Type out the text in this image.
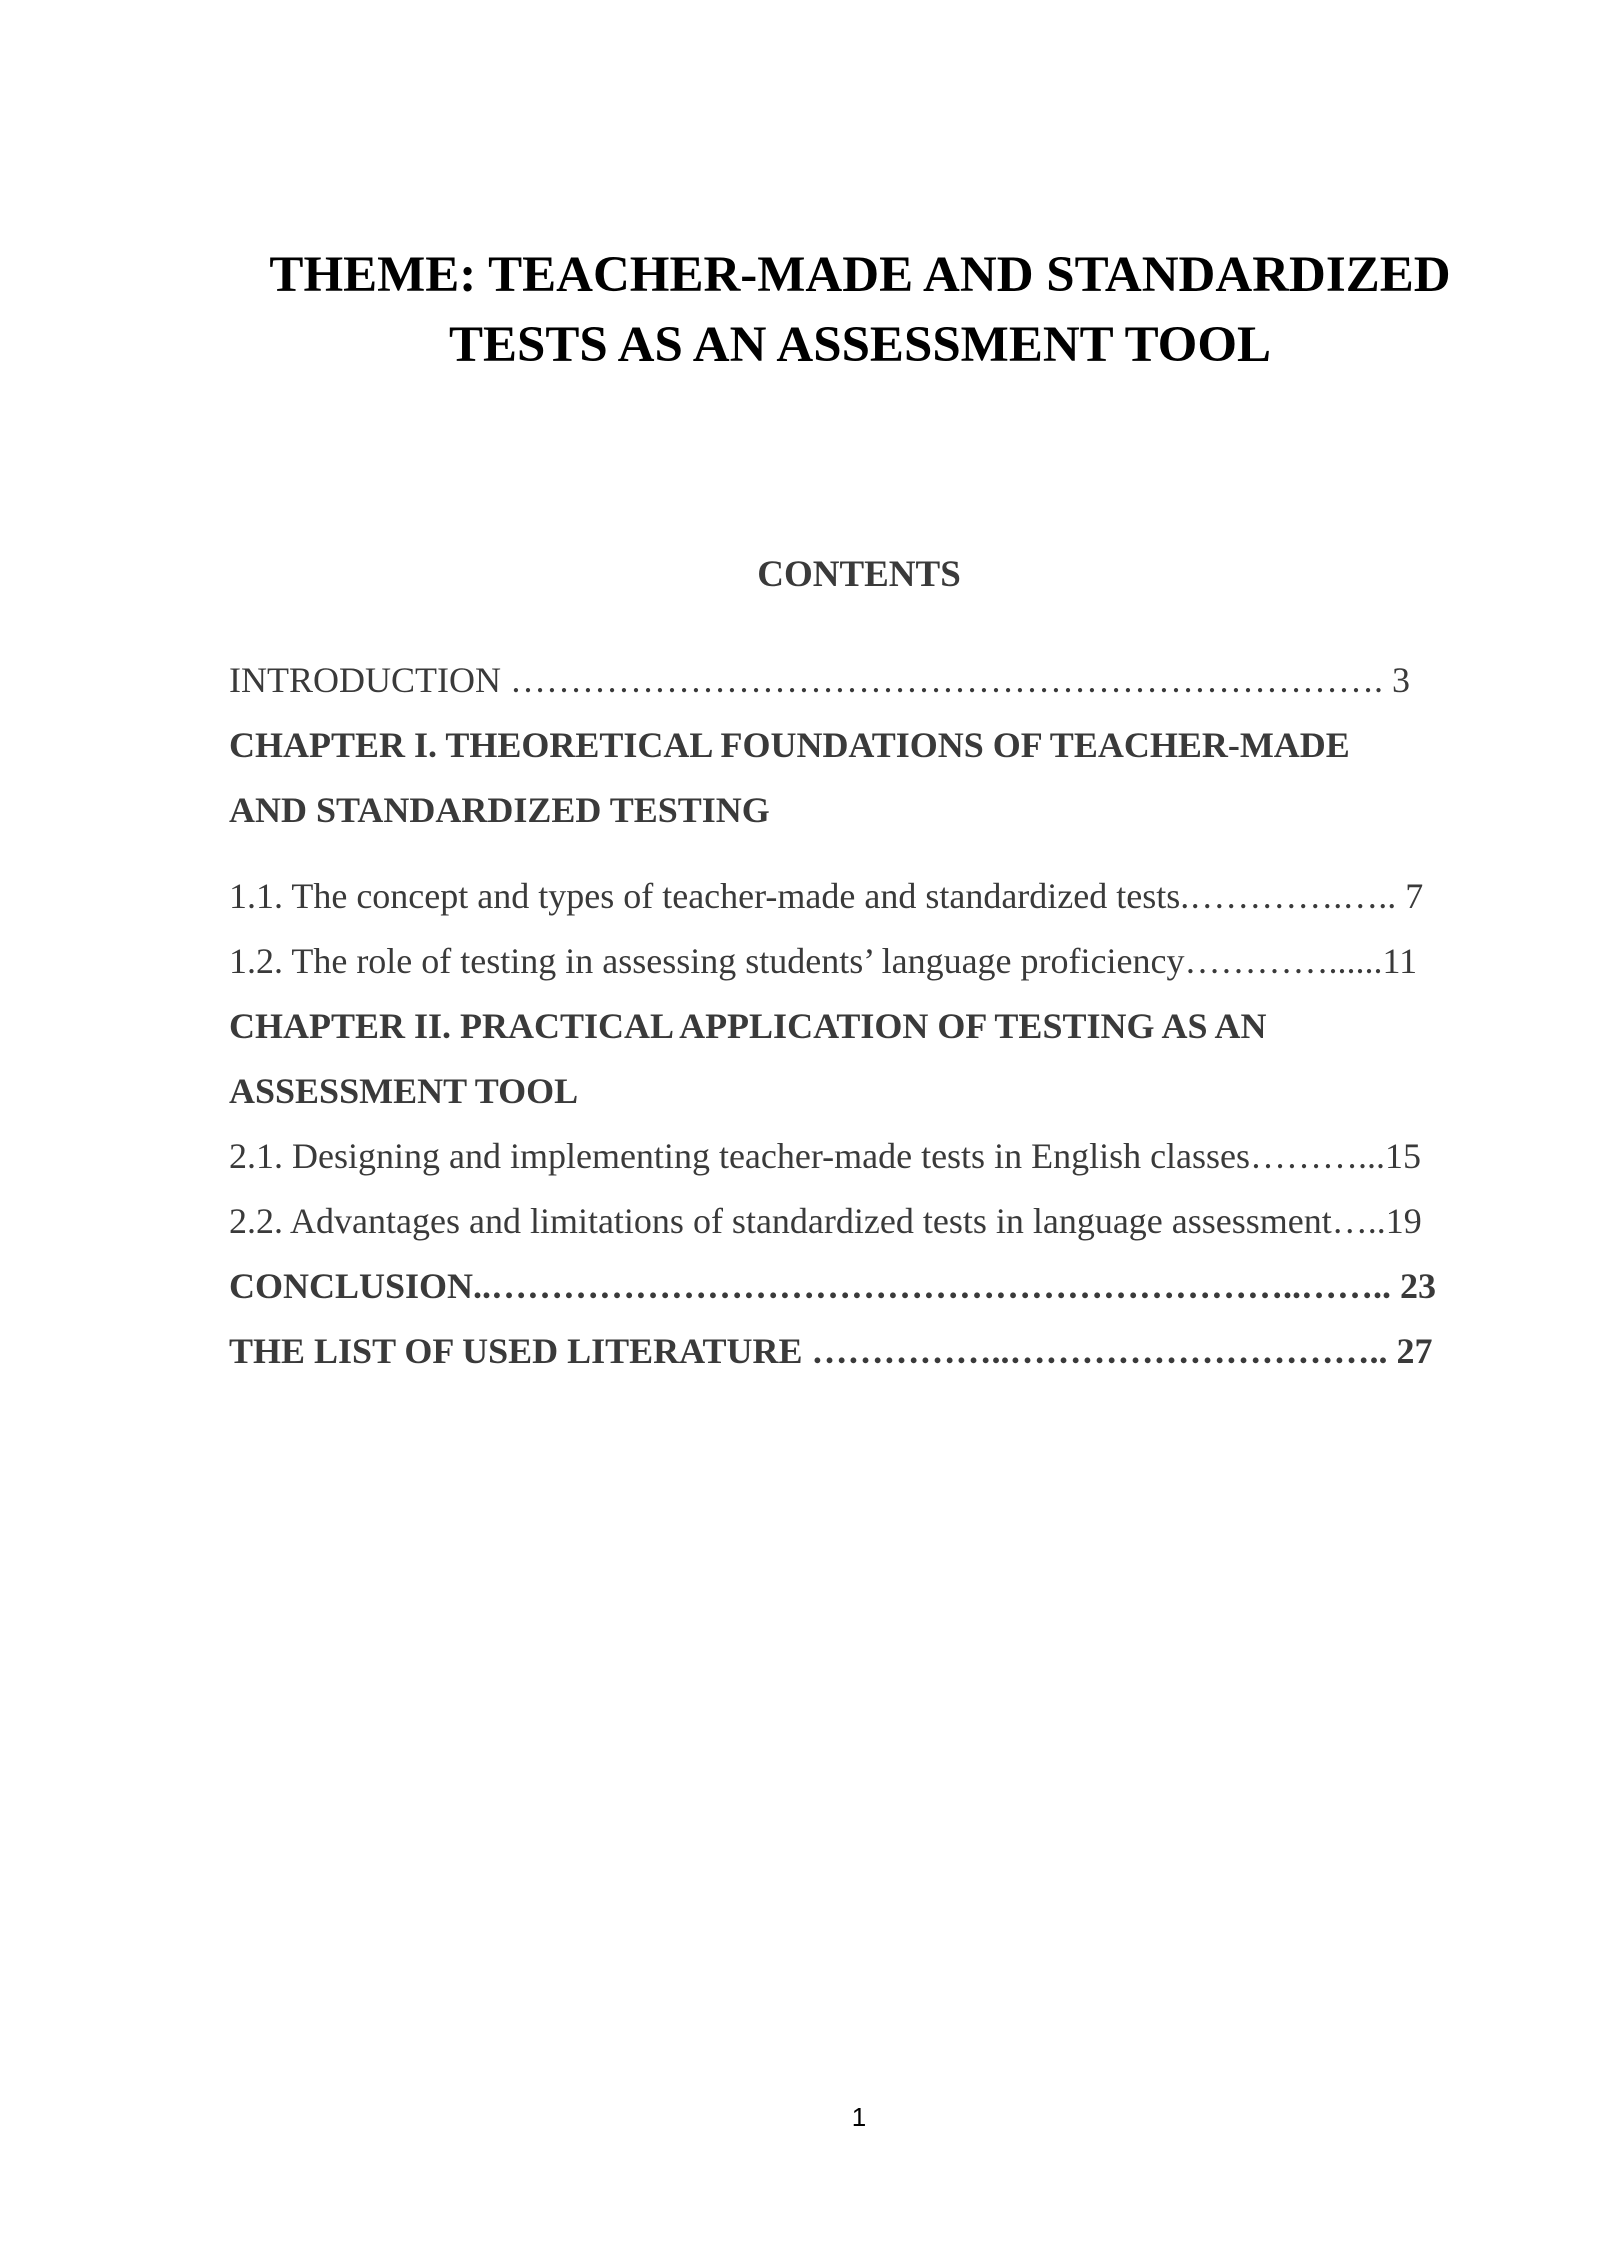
THEME: TEACHER-MADE AND STANDARDIZED
TESTS AS AN ASSESSMENT TOOL
CONTENTS
INTRODUCTION ………………………………………………………………. 3
CHAPTER I. THEORETICAL FOUNDATIONS OF TEACHER-MADE
AND STANDARDIZED TESTING
1.1. The concept and types of teacher-made and standardized tests.………….….. 7
1.2. The role of testing in assessing students’ language proficiency…………......11
CHAPTER II. PRACTICAL APPLICATION OF TESTING AS AN
ASSESSMENT TOOL
2.1. Designing and implementing teacher-made tests in English classes………...15
2.2. Advantages and limitations of standardized tests in language assessment…..19
CONCLUSION..…………………………………………………………..…….. 23
THE LIST OF USED LITERATURE ……………..………………………….. 27
1
